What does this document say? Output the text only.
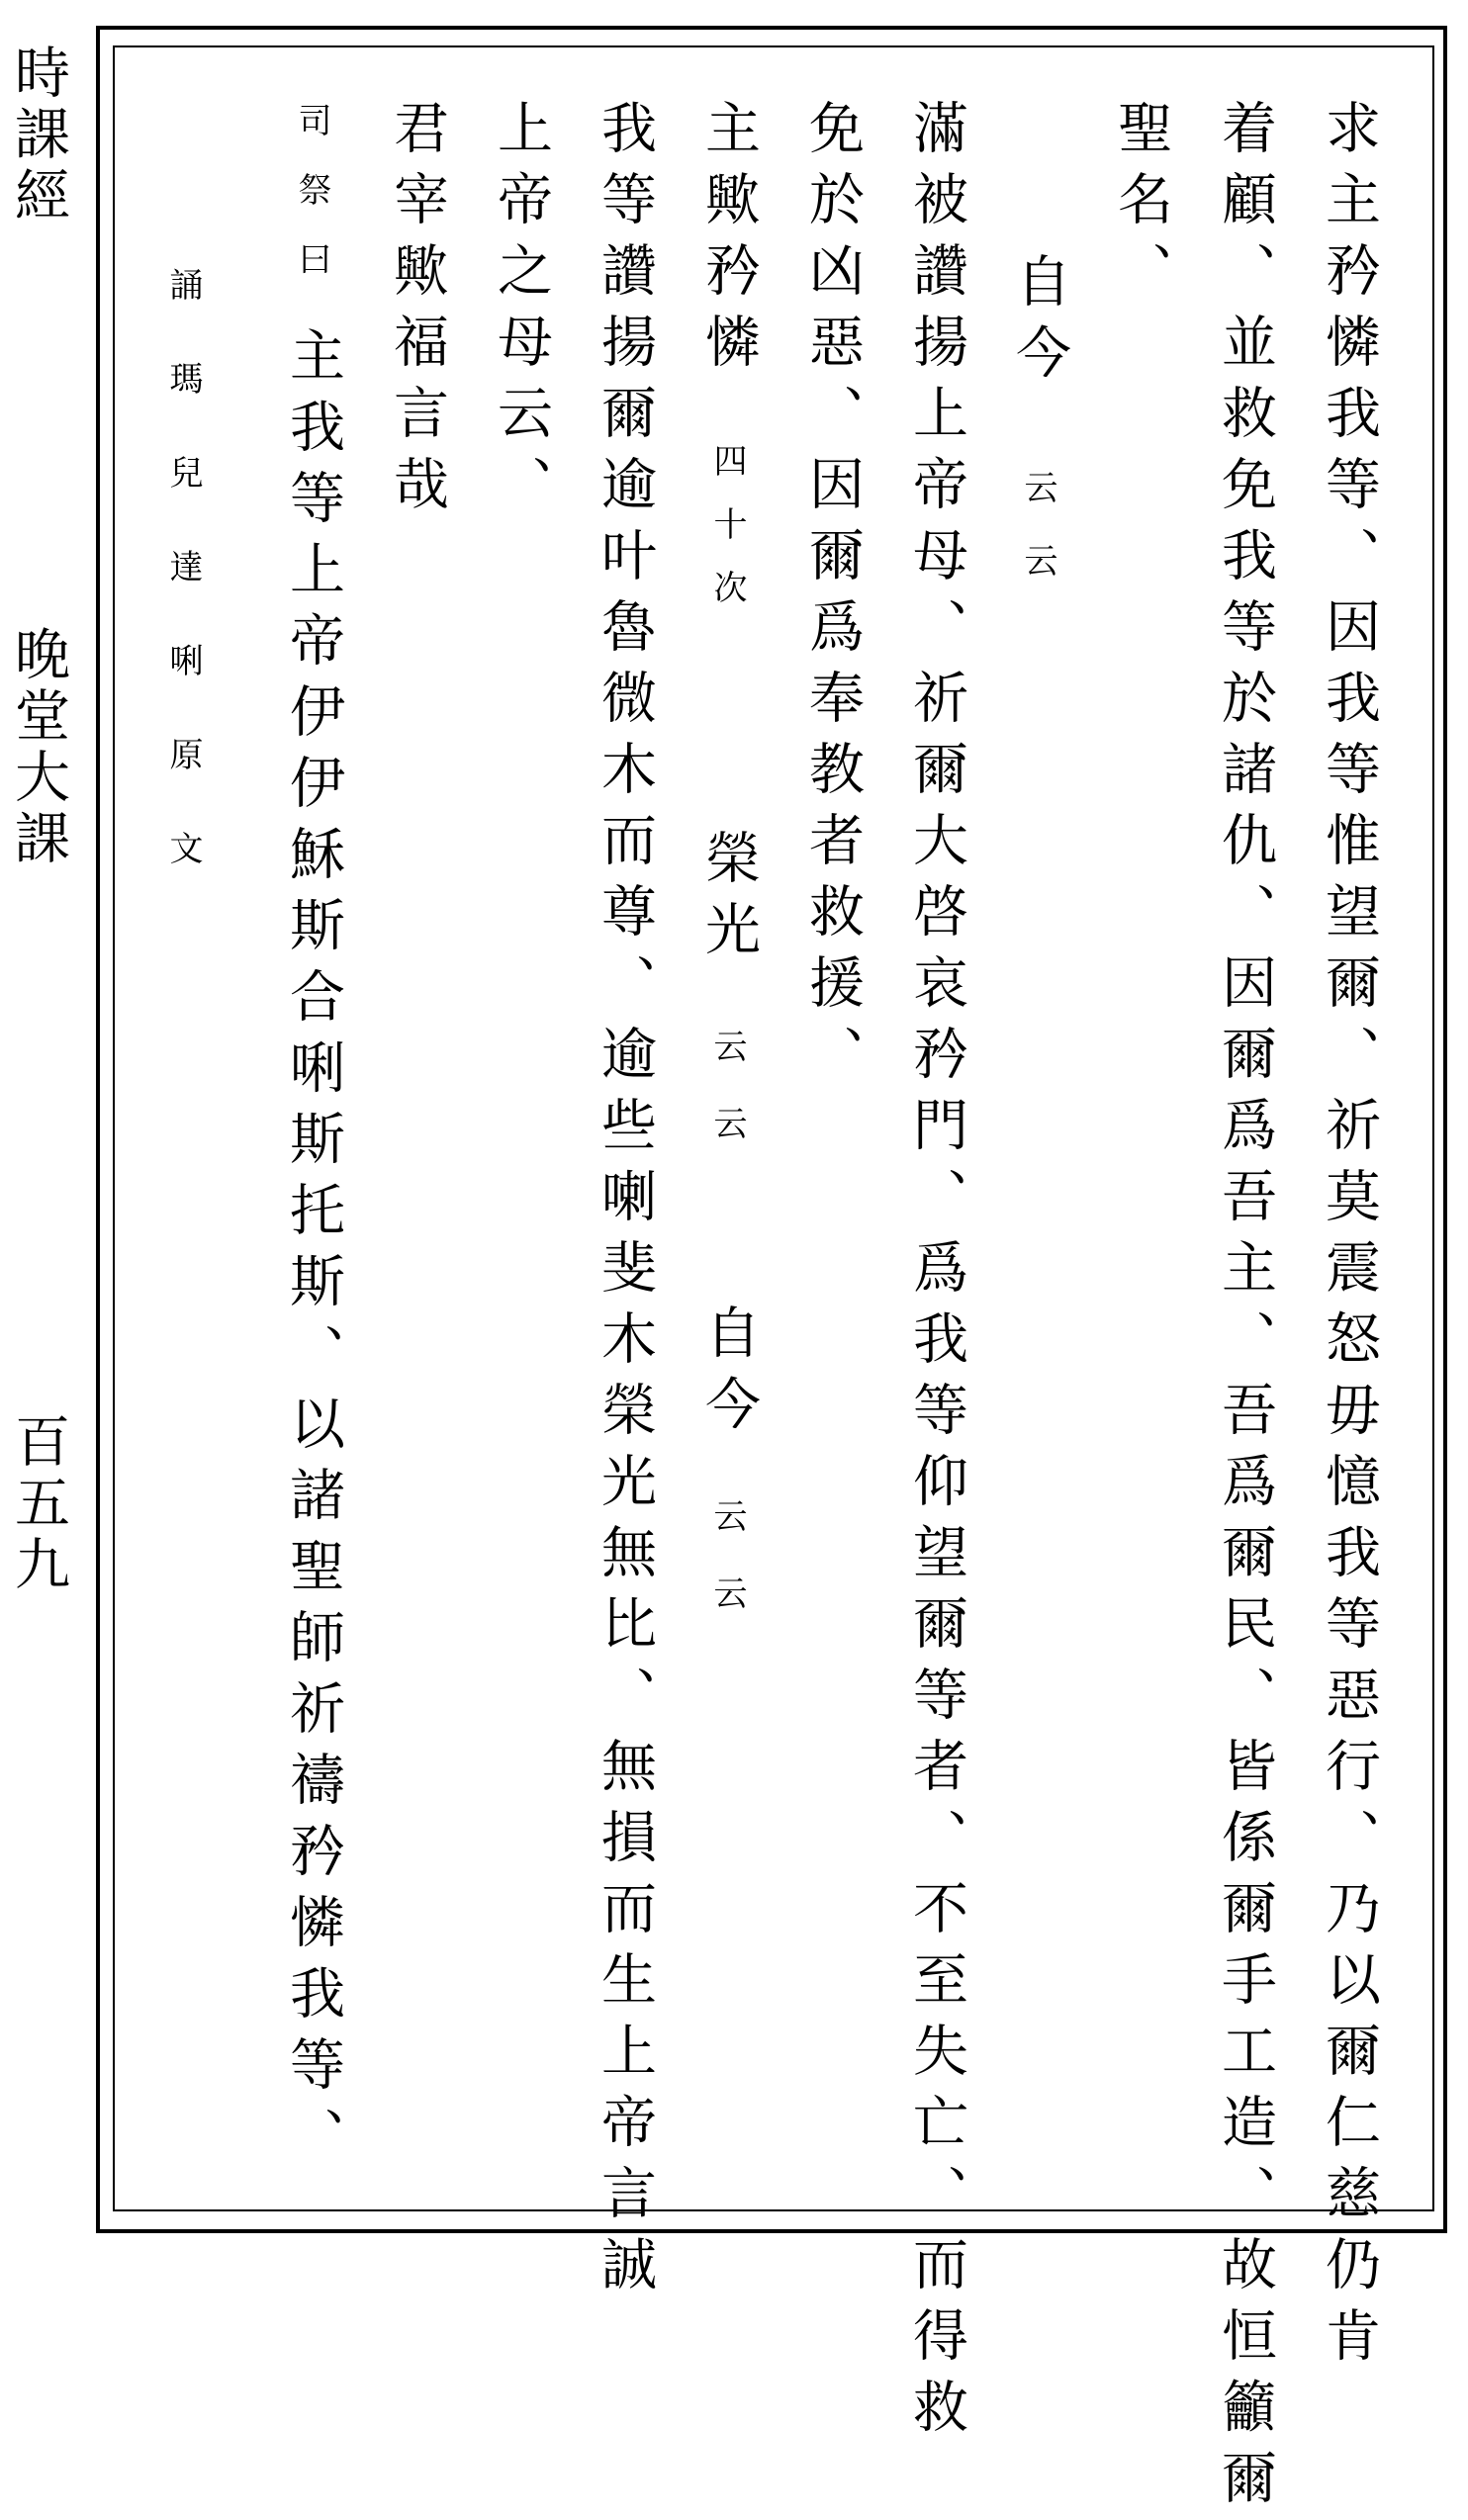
時課經
晚堂大課
百五九	求主矜憐我等、因我等惟望爾、祈莫震怒毋憶我等惡行、乃以爾仁慈仍肯
着顧、並救免我等於諸仇、因爾爲吾主、吾爲爾民、皆係爾手工造、故恒籲爾
聖名、
自今
云云
滿被讚揚上帝母、祈爾大啓哀矜門、爲我等仰望爾等者、不至失亡、而得救
免於凶惡、因爾爲奉教者救援、
主歟矜憐
四十次
榮光
云云
自今
云云
我等讚揚爾逾叶魯微木而尊、逾些喇斐木榮光無比、無損而生上帝言誠
上帝之母云、
君宰歟福言哉
司祭曰
主我等上帝伊伊穌斯合唎斯托斯、以諸聖師祈禱矜憐我等、
誦瑪兒達唎原文
